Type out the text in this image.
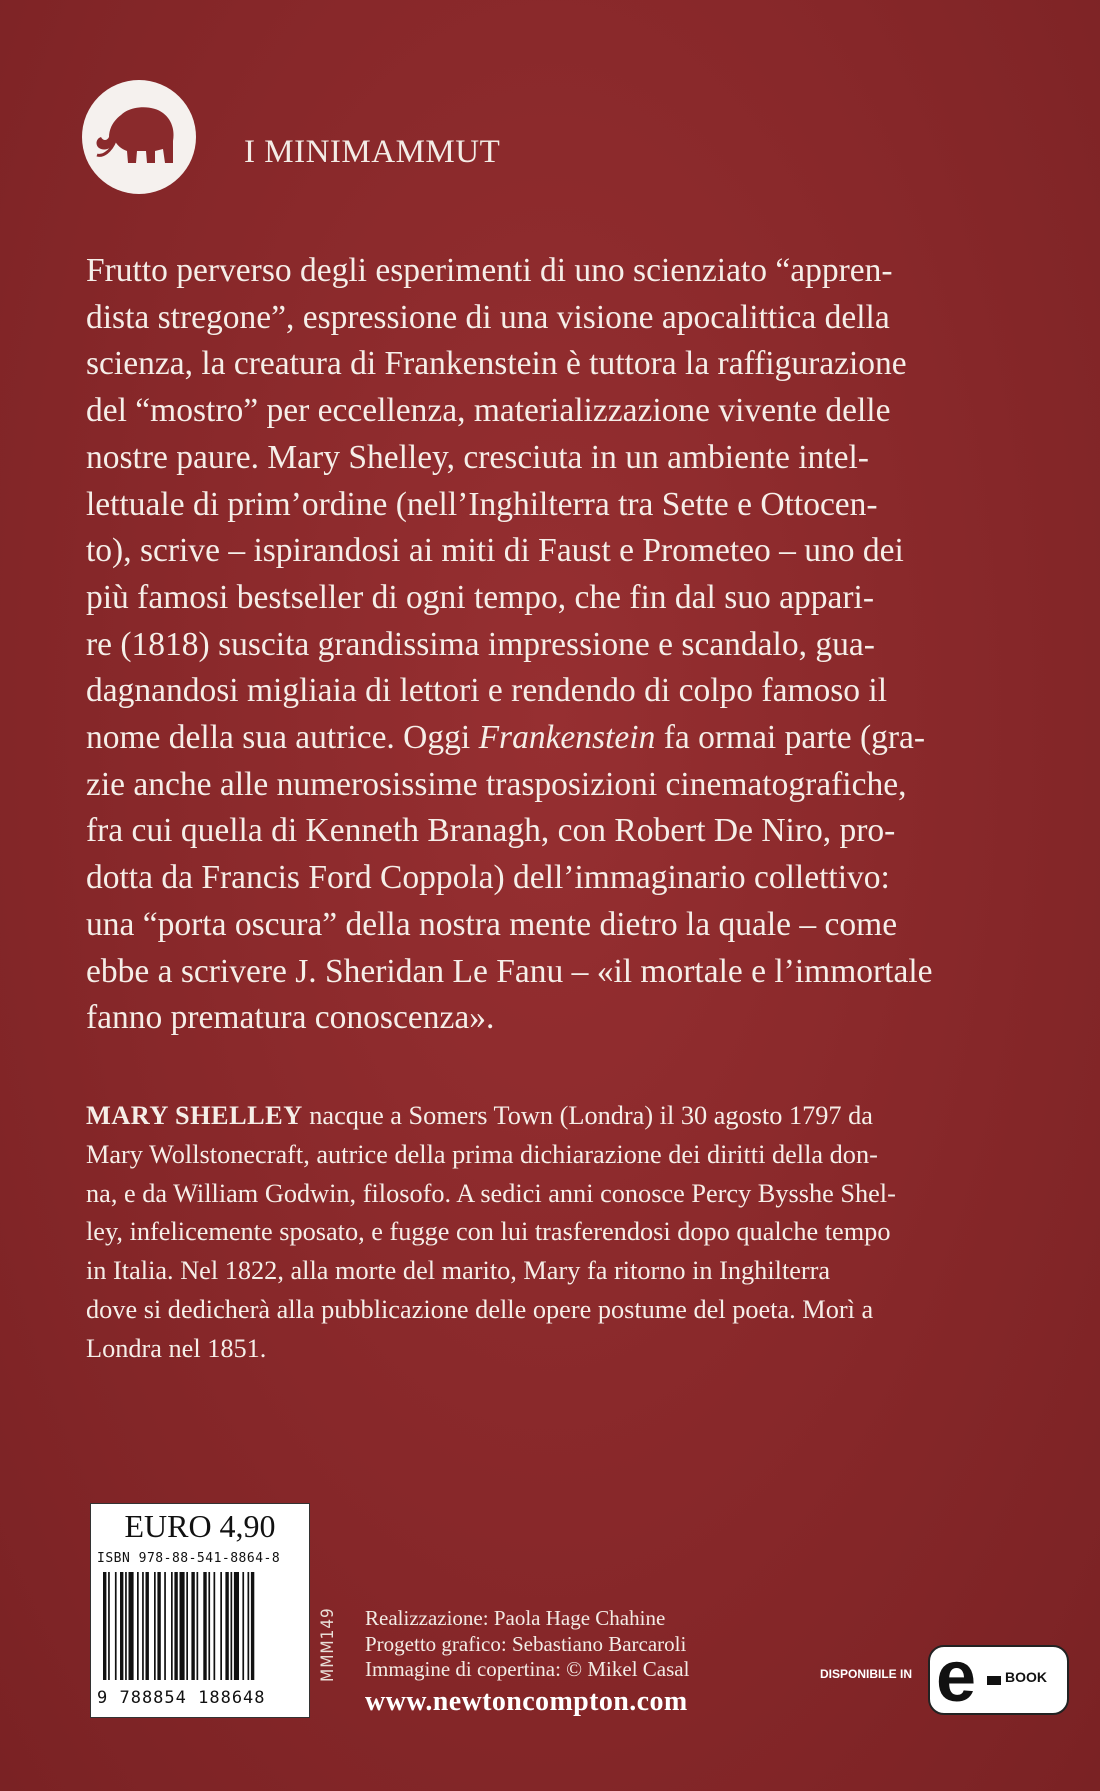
I MINIMAMMUT

Frutto perverso degli esperimenti di uno scienziato “appren-

dista stregone”, espressione di una visione apocalittica della

scienza, la creatura di Frankenstein è tuttora la raffigurazione

del “mostro” per eccellenza, materializzazione vivente delle

nostre paure. Mary Shelley, cresciuta in un ambiente intel-

lettuale di prim’ordine (nell’Inghilterra tra Sette e Ottocen-

to), scrive – ispirandosi ai miti di Faust e Prometeo – uno dei

più famosi bestseller di ogni tempo, che fin dal suo appari-

re (1818) suscita grandissima impressione e scandalo, gua-

dagnandosi migliaia di lettori e rendendo di colpo famoso il

nome della sua autrice. Oggi Frankenstein fa ormai parte (gra-

zie anche alle numerosissime trasposizioni cinematografiche,

fra cui quella di Kenneth Branagh, con Robert De Niro, pro-

dotta da Francis Ford Coppola) dell’immaginario collettivo:

una “porta oscura” della nostra mente dietro la quale – come

ebbe a scrivere J. Sheridan Le Fanu – «il mortale e l’immortale

fanno prematura conoscenza».

MARY SHELLEY nacque a Somers Town (Londra) il 30 agosto 1797 da

Mary Wollstonecraft, autrice della prima dichiarazione dei diritti della don-

na, e da William Godwin, filosofo. A sedici anni conosce Percy Bysshe Shel-

ley, infelicemente sposato, e fugge con lui trasferendosi dopo qualche tempo

in Italia. Nel 1822, alla morte del marito, Mary fa ritorno in Inghilterra

dove si dedicherà alla pubblicazione delle opere postume del poeta. Morì a

Londra nel 1851.

EURO 4,90
ISBN 978-88-541-8864-8
9 788854 188648
MMM149 Realizzazione: Paola Hage Chahine
Progetto grafico: Sebastiano Barcaroli
Immagine di copertina: © Mikel Casal
www.newtoncompton.com
DISPONIBILE IN e BOOK
